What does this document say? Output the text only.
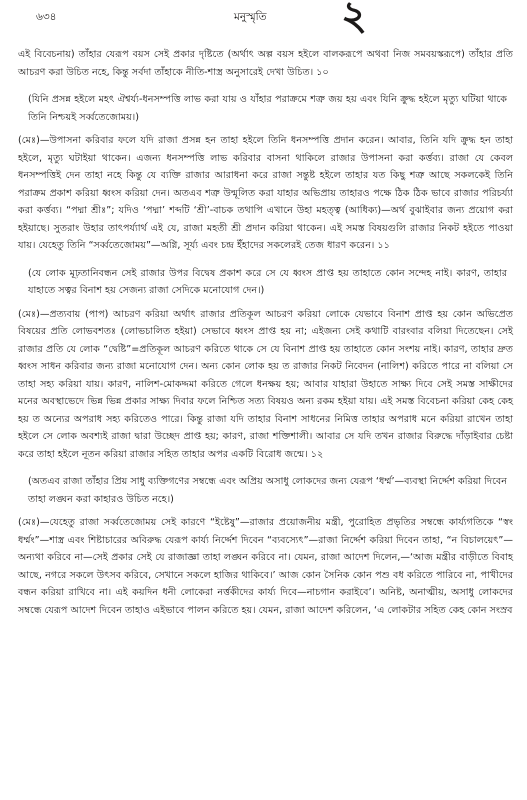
৬৩৪	মনুস্মৃতি ২

এই বিবেচনায়) তাঁহার যেরূপ বয়স সেই প্রকার দৃষ্টিতে (অর্থাৎ অল্প বয়স হইলে বালকরূপে অথবা নিজ সমবয়স্করূপে) তাঁহার প্রতি আচরণ করা উচিত নহে, কিন্তু সর্বদা তাঁহাকে নীতি-শাস্ত্র অনুসারেই দেখা উচিত। ১০

(যিনি প্রসন্ন হইলে মহৎ ঐশ্বর্য্য-ধনসম্পত্তি লাভ করা যায় ও যাঁহার পরাক্রমে শত্রু জয় হয় এবং যিনি ক্রুদ্ধ হইলে মৃত্যু ঘটিয়া থাকে তিনি নিশ্চয়ই সর্ব্বতেজোময়।)

(মেঃ)—উপাসনা করিবার ফলে যদি রাজা প্রসন্ন হন তাহা হইলে তিনি ধনসম্পত্তি প্রদান করেন। আবার, তিনি যদি ক্রুদ্ধ হন তাহা হইলে, মৃত্যু ঘটাইয়া থাকেন। এজন্য ধনসম্পত্তি লাভ করিবার বাসনা থাকিলে রাজার উপাসনা করা কর্ত্তব্য। রাজা যে কেবল ধনসম্পত্তিই দেন তাহা নহে কিন্তু যে ব্যক্তি রাজার আরাধনা করে রাজা সন্তুষ্ট হইলে তাহার যত কিছু শত্রু আছে সকলকেই তিনি পরাক্রম প্রকাশ করিয়া ধ্বংস করিয়া দেন। অতএব শত্রু উন্মূলিত করা যাহার অভিপ্রায় তাহারও পক্ষে ঠিক ঠিক ভাবে রাজার পরিচর্য্যা করা কর্ত্তব্য। “পদ্মা শ্রীঃ”; যদিও ‘পদ্মা’ শব্দটি ‘শ্রী’-বাচক তথাপি এখানে উহা মহত্ত্ব (আধিক্য)—অর্থ বুঝাইবার জন্য প্রয়োগ করা হইয়াছে। সুতরাং উহার তাৎপর্য্যার্থ এই যে, রাজা মহতী শ্রী প্রদান করিয়া থাকেন। এই সমস্ত বিষয়গুলি রাজার নিকট হইতে পাওয়া যায়। যেহেতু তিনি “সর্ব্বতেজোময়”—অগ্নি, সূর্য্য এবং চন্দ্র ইঁহাদের সকলেরই তেজ ধারণ করেন। ১১

(যে লোক মূঢ়তানিবন্ধন সেই রাজার উপর বিদ্বেষ প্রকাশ করে সে যে ধ্বংস প্রাপ্ত হয় তাহাতে কোন সন্দেহ নাই। কারণ, তাহার যাহাতে সত্বর বিনাশ হয় সেজন্য রাজা সেদিকে মনোযোগ দেন।)

(মেঃ)—প্রত্যবায় (পাপ) আচরণ করিয়া অর্থাৎ রাজার প্রতিকূল আচরণ করিয়া লোকে যেভাবে বিনাশ প্রাপ্ত হয় কোন অভিপ্রেত বিষয়ের প্রতি লোভবশতঃ (লোভচালিত হইয়া) সেভাবে ধ্বংস প্রাপ্ত হয় না; এইজন্য সেই কথাটি বারংবার বলিয়া দিতেছেন। সেই রাজার প্রতি যে লোক “দ্বেষ্টি”=প্রতিকূল আচরণ করিতে থাকে সে যে বিনাশ প্রাপ্ত হয় তাহাতে কোন সংশয় নাই। কারণ, তাহার দ্রুত ধ্বংস সাধন করিবার জন্য রাজা মনোযোগ দেন। অন্য কোন লোক হয় ত রাজার নিকট নিবেদন (নালিশ) করিতে পারে না বলিয়া সে তাহা সহ্য করিয়া যায়। কারণ, নালিশ-মোকদ্দমা করিতে গেলে ধনক্ষয় হয়; আবার যাহারা উহাতে সাক্ষ্য দিবে সেই সমস্ত সাক্ষীদের মনের অবস্থাভেদে ভিন্ন ভিন্ন প্রকার সাক্ষ্য দিবার ফলে নিশ্চিত সত্য বিষয়ও অন্য রকম হইয়া যায়। এই সমস্ত বিবেচনা করিয়া কেহ কেহ হয় ত অন্যের অপরাধ সহ্য করিতেও পারে। কিন্তু রাজা যদি তাহার বিনাশ সাধনের নিমিত্ত তাহার অপরাধ মনে করিয়া রাখেন তাহা হইলে সে লোক অবশ্যই রাজা দ্বারা উচ্ছেদ প্রাপ্ত হয়; কারণ, রাজা শক্তিশালী। আবার সে যদি তখন রাজার বিরুদ্ধে দাঁড়াইবার চেষ্টা করে তাহা হইলে নূতন করিয়া রাজার সহিত তাহার অপর একটি বিরোধ জন্মে। ১২

(অতএব রাজা তাঁহার প্রিয় সাধু ব্যক্তিগণের সম্বন্ধে এবং অপ্রিয় অসাধু লোকদের জন্য যেরূপ ‘ধর্ম্ম’—ব্যবস্থা নির্দ্দেশ করিয়া দিবেন তাহা লঙ্ঘন করা কাহারও উচিত নহে।)

(মেঃ)—যেহেতু রাজা সর্ব্বতেজোময় সেই কারণে “ইষ্টেষু”—রাজার প্রয়োজনীয় মন্ত্রী, পুরোহিত প্রভৃতির সম্বন্ধে কার্য্যগতিকে “স্বং ধর্ম্মং”—শাস্ত্র এবং শিষ্টাচারের অবিরুদ্ধ যেরূপ কার্য্য নির্দ্দেশ দিবেন “ব্যবস্যেৎ”—রাজা নির্দ্দেশ করিয়া দিবেন তাহা, “ন বিচালয়েৎ”—অন্যথা করিবে না—সেই প্রকার সেই যে রাজাজ্ঞা তাহা লঙ্ঘন করিবে না। যেমন, রাজা আদেশ দিলেন,—‘আজ মন্ত্রীর বাড়ীতে বিবাহ আছে, নগরে সকলে উৎসব করিবে, সেখানে সকলে হাজির থাকিবে।’ আজ কোন সৈনিক কোন পশু বধ করিতে পারিবে না, পাখীদের বন্ধন করিয়া রাখিবে না। এই কয়দিন ধনী লোকেরা নর্ত্তকীদের কার্য্য দিবে—নাচগান করাইবে’। অনিষ্ট, অনাত্মীয়, অসাধু লোকদের সম্বন্ধে যেরূপ আদেশ দিবেন তাহাও এইভাবে পালন করিতে হয়। যেমন, রাজা আদেশ করিলেন, ‘এ লোকটার সহিত কেহ কোন সংস্রব
